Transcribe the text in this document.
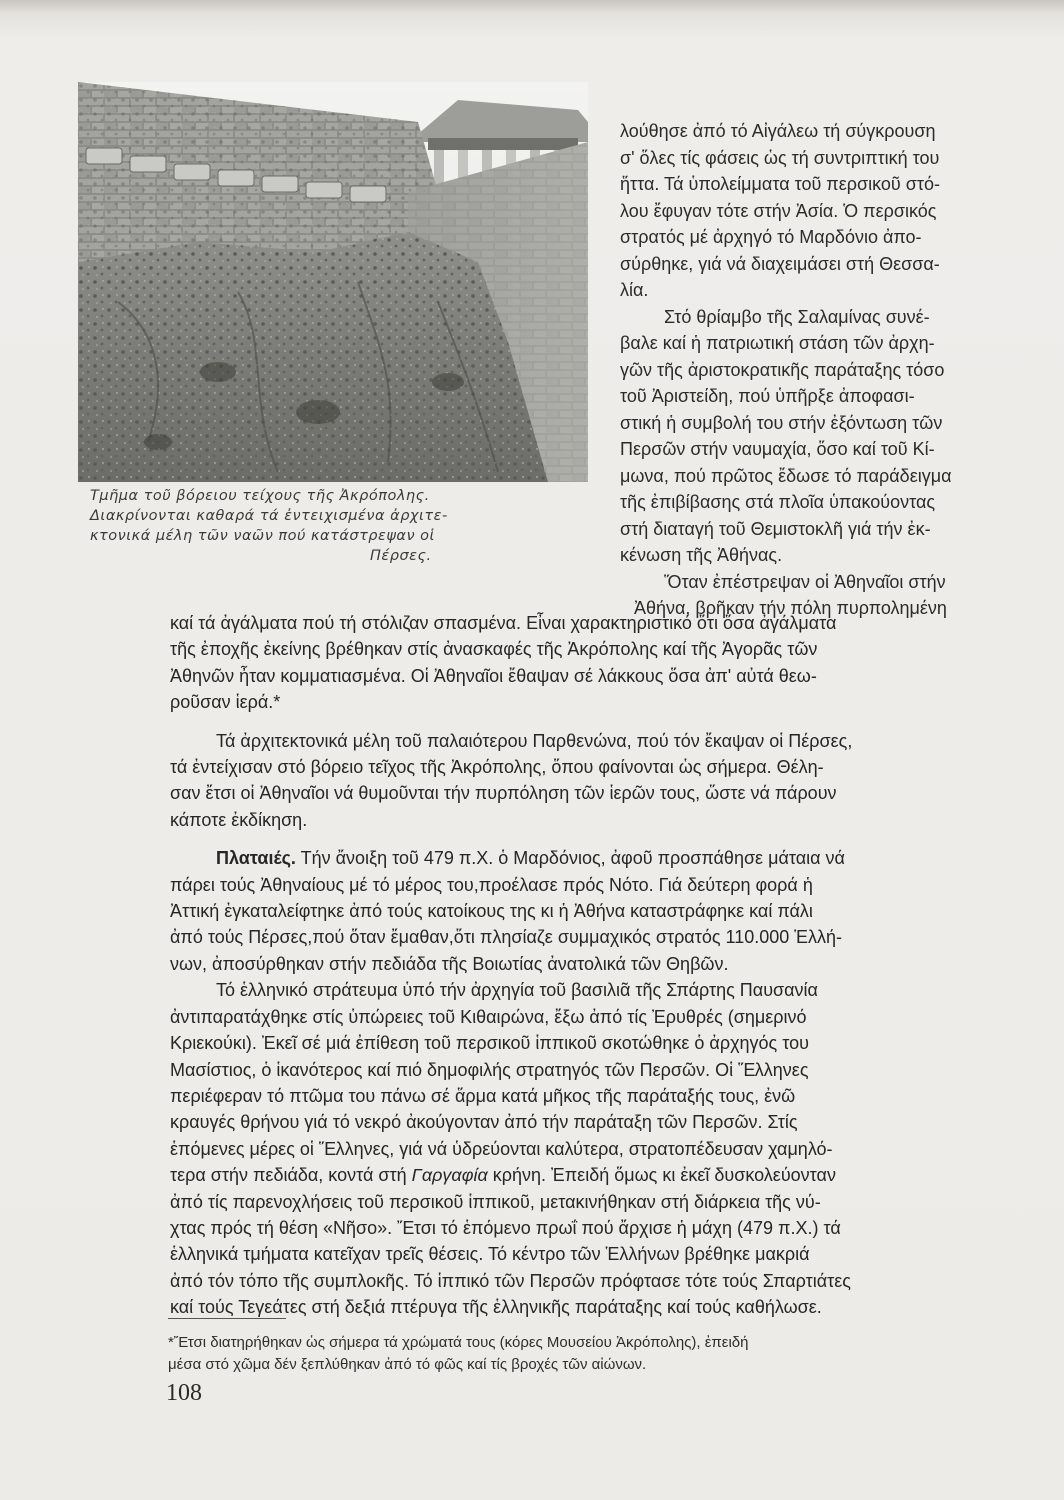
Τμῆμα τοῦ βόρειου τείχους τῆς Ἀκρόπολης.
Διακρίνονται καθαρά τά ἐντειχισμένα ἀρχιτε-
κτονικά μέλη τῶν ναῶν πού κατάστρεψαν οἱ
Πέρσες.
λούθησε ἀπό τό Αἰγάλεω τή σύγκρουση
σ' ὅλες τίς φάσεις ὡς τή συντριπτική του
ἥττα. Τά ὑπολείμματα τοῦ περσικοῦ στό-
λου ἔφυγαν τότε στήν Ἀσία. Ὁ περσικός
στρατός μέ ἀρχηγό τό Μαρδόνιο ἀπο-
σύρθηκε, γιά νά διαχειμάσει στή Θεσσα-
λία.
Στό θρίαμβο τῆς Σαλαμίνας συνέ-
βαλε καί ἡ πατριωτική στάση τῶν ἀρχη-
γῶν τῆς ἀριστοκρατικῆς παράταξης τόσο
τοῦ Ἀριστείδη, πού ὑπῆρξε ἀποφασι-
στική ἡ συμβολή του στήν ἐξόντωση τῶν
Περσῶν στήν ναυμαχία, ὅσο καί τοῦ Κί-
μωνα, πού πρῶτος ἔδωσε τό παράδειγμα
τῆς ἐπιβίβασης στά πλοῖα ὑπακούοντας
στή διαταγή τοῦ Θεμιστοκλῆ γιά τήν ἐκ-
κένωση τῆς Ἀθήνας.
Ὅταν ἐπέστρεψαν οἱ Ἀθηναῖοι στήν
Ἀθήνα, βρῆκαν τήν πόλη πυρπολημένη
καί τά ἀγάλματα πού τή στόλιζαν σπασμένα. Εἶναι χαρακτηριστικό ὅτι ὅσα ἀγάλματα
τῆς ἐποχῆς ἐκείνης βρέθηκαν στίς ἀνασκαφές τῆς Ἀκρόπολης καί τῆς Ἀγορᾶς τῶν
Ἀθηνῶν ἦταν κομματιασμένα. Οἱ Ἀθηναῖοι ἔθαψαν σέ λάκκους ὅσα ἀπ' αὐτά θεω-
ροῦσαν ἱερά.*
Τά ἀρχιτεκτονικά μέλη τοῦ παλαιότερου Παρθενώνα, πού τόν ἔκαψαν οἱ Πέρσες,
τά ἐντείχισαν στό βόρειο τεῖχος τῆς Ἀκρόπολης, ὅπου φαίνονται ὡς σήμερα. Θέλη-
σαν ἔτσι οἱ Ἀθηναῖοι νά θυμοῦνται τήν πυρπόληση τῶν ἱερῶν τους, ὥστε νά πάρουν
κάποτε ἐκδίκηση.
Πλαταιές. Τήν ἄνοιξη τοῦ 479 π.Χ. ὁ Μαρδόνιος, ἀφοῦ προσπάθησε μάταια νά
πάρει τούς Ἀθηναίους μέ τό μέρος του,προέλασε πρός Νότο. Γιά δεύτερη φορά ἡ
Ἀττική ἐγκαταλείφτηκε ἀπό τούς κατοίκους της κι ἡ Ἀθήνα καταστράφηκε καί πάλι
ἀπό τούς Πέρσες,πού ὅταν ἔμαθαν,ὅτι πλησίαζε συμμαχικός στρατός 110.000 Ἑλλή-
νων, ἀποσύρθηκαν στήν πεδιάδα τῆς Βοιωτίας ἀνατολικά τῶν Θηβῶν.
Τό ἑλληνικό στράτευμα ὑπό τήν ἀρχηγία τοῦ βασιλιᾶ τῆς Σπάρτης Παυσανία
ἀντιπαρατάχθηκε στίς ὑπώρειες τοῦ Κιθαιρώνα, ἔξω ἀπό τίς Ἐρυθρές (σημερινό
Κριεκούκι). Ἐκεῖ σέ μιά ἐπίθεση τοῦ περσικοῦ ἱππικοῦ σκοτώθηκε ὁ ἀρχηγός του
Μασίστιος, ὁ ἱκανότερος καί πιό δημοφιλής στρατηγός τῶν Περσῶν. Οἱ Ἕλληνες
περιέφεραν τό πτῶμα του πάνω σέ ἅρμα κατά μῆκος τῆς παράταξής τους, ἐνῶ
κραυγές θρήνου γιά τό νεκρό ἀκούγονταν ἀπό τήν παράταξη τῶν Περσῶν. Στίς
ἑπόμενες μέρες οἱ Ἕλληνες, γιά νά ὑδρεύονται καλύτερα, στρατοπέδευσαν χαμηλό-
τερα στήν πεδιάδα, κοντά στή Γαργαφία κρήνη. Ἐπειδή ὅμως κι ἐκεῖ δυσκολεύονταν
ἀπό τίς παρενοχλήσεις τοῦ περσικοῦ ἱππικοῦ, μετακινήθηκαν στή διάρκεια τῆς νύ-
χτας πρός τή θέση «Νῆσο». Ἔτσι τό ἑπόμενο πρωΐ πού ἄρχισε ἡ μάχη (479 π.Χ.) τά
ἑλληνικά τμήματα κατεῖχαν τρεῖς θέσεις. Τό κέντρο τῶν Ἑλλήνων βρέθηκε μακριά
ἀπό τόν τόπο τῆς συμπλοκῆς. Τό ἱππικό τῶν Περσῶν πρόφτασε τότε τούς Σπαρτιάτες
καί τούς Τεγεάτες στή δεξιά πτέρυγα τῆς ἑλληνικῆς παράταξης καί τούς καθήλωσε.
*Ἔτσι διατηρήθηκαν ὡς σήμερα τά χρώματά τους (κόρες Μουσείου Ἀκρόπολης), ἐπειδή
μέσα στό χῶμα δέν ξεπλύθηκαν ἀπό τό φῶς καί τίς βροχές τῶν αἰώνων.
108
